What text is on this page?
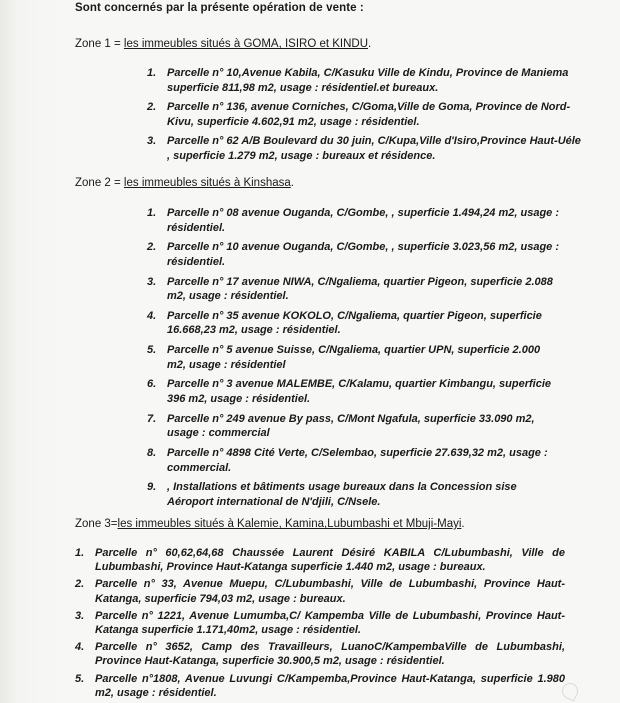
Sont concernés par la présente opération de vente :
Zone 1 = les immeubles situés à GOMA, ISIRO et KINDU.
1. Parcelle n° 10,Avenue Kabila, C/Kasuku Ville de Kindu, Province de Maniema superficie 811,98 m2, usage : résidentiel.et bureaux.
2. Parcelle n° 136, avenue Corniches, C/Goma,Ville de Goma, Province de Nord-Kivu, superficie 4.602,91 m2, usage : résidentiel.
3. Parcelle n° 62 A/B Boulevard du 30 juin, C/Kupa,Ville d'Isiro,Province Haut-Uéle , superficie 1.279 m2, usage : bureaux et résidence.
Zone 2 = les immeubles situés à Kinshasa.
1. Parcelle n° 08 avenue Ouganda, C/Gombe, , superficie 1.494,24 m2, usage : résidentiel.
2. Parcelle n° 10 avenue Ouganda, C/Gombe, , superficie 3.023,56 m2, usage : résidentiel.
3. Parcelle n° 17 avenue NIWA, C/Ngaliema, quartier Pigeon, superficie 2.088 m2, usage : résidentiel.
4. Parcelle n° 35 avenue KOKOLO, C/Ngaliema, quartier Pigeon, superficie 16.668,23 m2, usage : résidentiel.
5. Parcelle n° 5 avenue Suisse, C/Ngaliema, quartier UPN, superficie 2.000 m2, usage : résidentiel
6. Parcelle n° 3 avenue MALEMBE, C/Kalamu, quartier Kimbangu, superficie 396 m2, usage : résidentiel.
7. Parcelle n° 249 avenue By pass, C/Mont Ngafula, superficie 33.090 m2, usage : commercial
8. Parcelle n° 4898 Cité Verte, C/Selembao, superficie 27.639,32 m2, usage : commercial.
9. , Installations et bâtiments usage bureaux dans la Concession sise Aéroport international de N'djili, C/Nsele.
Zone 3=les immeubles situés à Kalemie, Kamina,Lubumbashi et Mbuji-Mayi.
1. Parcelle n° 60,62,64,68 Chaussée Laurent Désiré KABILA C/Lubumbashi, Ville de Lubumbashi, Province Haut-Katanga superficie 1.440 m2, usage : bureaux.
2. Parcelle n° 33, Avenue Muepu, C/Lubumbashi, Ville de Lubumbashi, Province Haut-Katanga, superficie 794,03 m2, usage : bureaux.
3. Parcelle n° 1221, Avenue Lumumba,C/ Kampemba Ville de Lubumbashi, Province Haut-Katanga superficie 1.171,40m2, usage : résidentiel.
4. Parcelle n° 3652, Camp des Travailleurs, LuanoC/KampembaVille de Lubumbashi, Province Haut-Katanga, superficie 30.900,5 m2, usage : résidentiel.
5. Parcelle n°1808, Avenue Luvungi C/Kampemba,Province Haut-Katanga, superficie 1.980 m2, usage : résidentiel.
